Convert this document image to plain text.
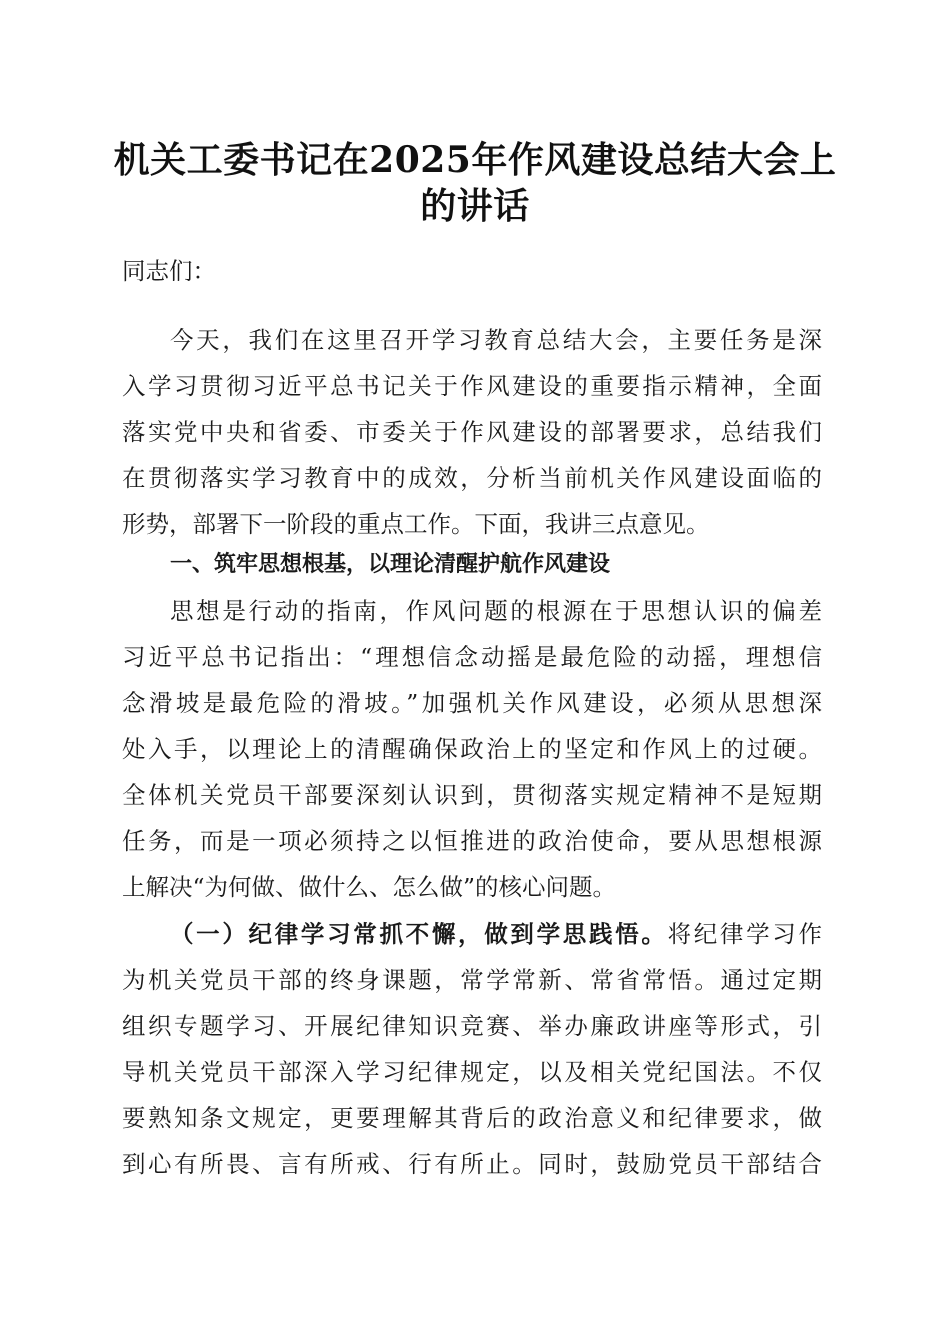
机关工委书记在2025年作风建设总结大会上
的讲话
同志们：
今天，我们在这里召开学习教育总结大会，主要任务是深
入学习贯彻习近平总书记关于作风建设的重要指示精神，全面
落实党中央和省委、市委关于作风建设的部署要求，总结我们
在贯彻落实学习教育中的成效，分析当前机关作风建设面临的
形势，部署下一阶段的重点工作。下面，我讲三点意见。
一、筑牢思想根基，以理论清醒护航作风建设
思想是行动的指南，作风问题的根源在于思想认识的偏差
习近平总书记指出：“理想信念动摇是最危险的动摇，理想信
念滑坡是最危险的滑坡。”加强机关作风建设，必须从思想深
处入手，以理论上的清醒确保政治上的坚定和作风上的过硬。
全体机关党员干部要深刻认识到，贯彻落实规定精神不是短期
任务，而是一项必须持之以恒推进的政治使命，要从思想根源
上解决“为何做、做什么、怎么做”的核心问题。
（一）纪律学习常抓不懈，做到学思践悟。将纪律学习作
为机关党员干部的终身课题，常学常新、常省常悟。通过定期
组织专题学习、开展纪律知识竞赛、举办廉政讲座等形式，引
导机关党员干部深入学习纪律规定，以及相关党纪国法。不仅
要熟知条文规定，更要理解其背后的政治意义和纪律要求，做
到心有所畏、言有所戒、行有所止。同时，鼓励党员干部结合
